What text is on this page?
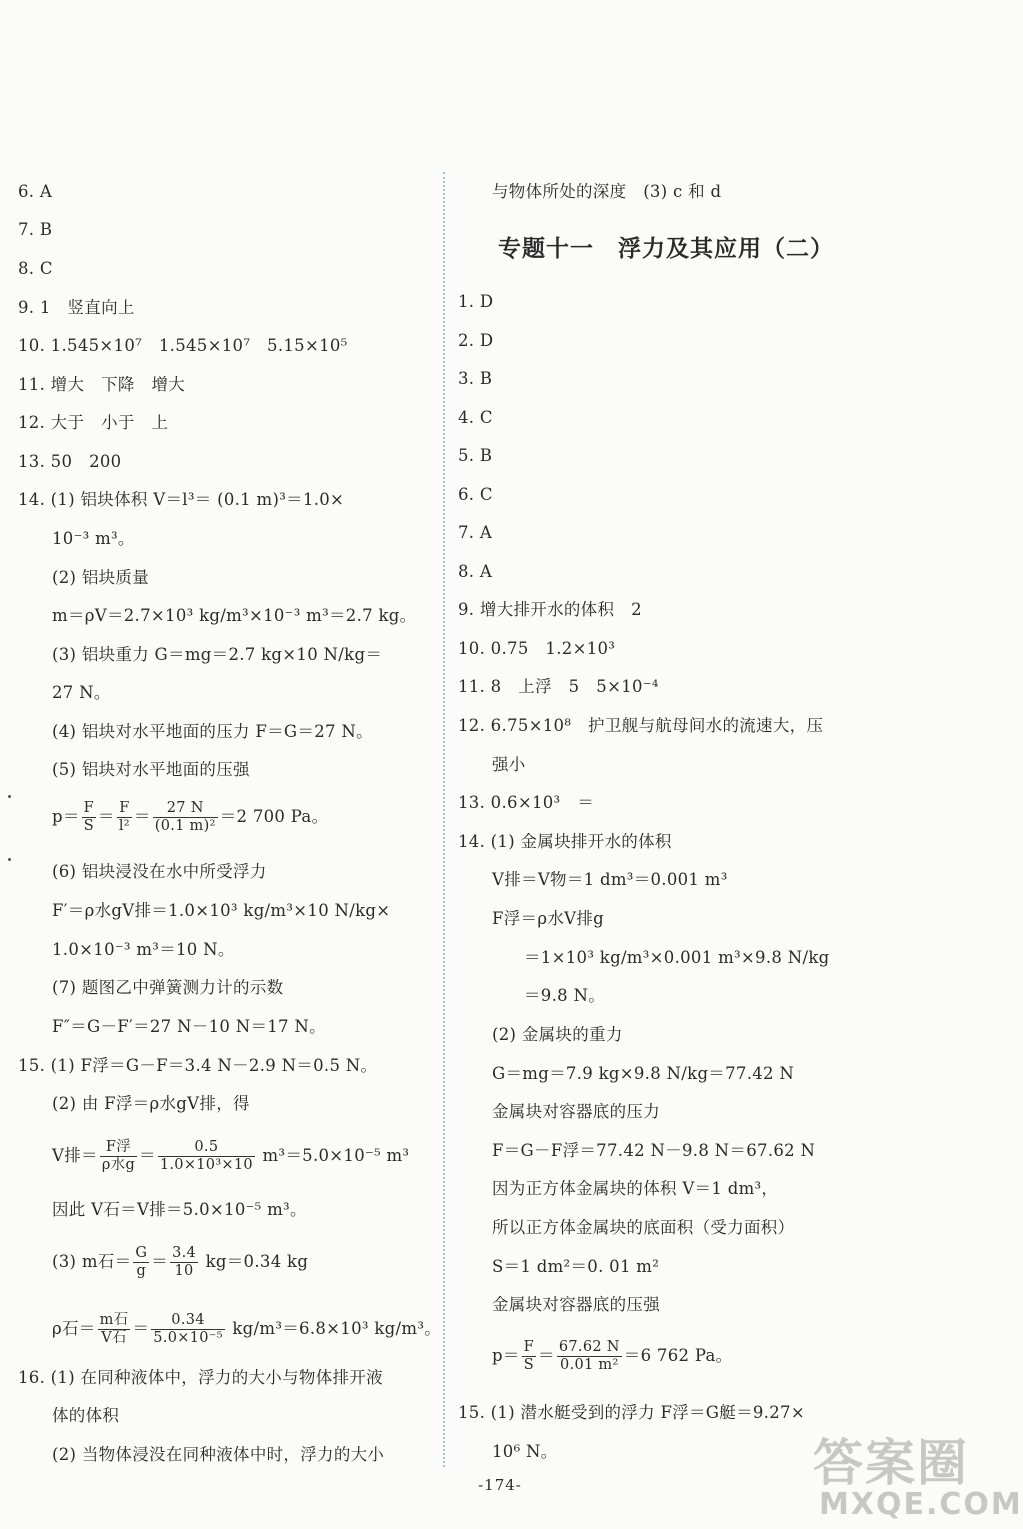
6. A
7. B
8. C
9. 1　竖直向上
10. 1.545×10⁷　1.545×10⁷　5.15×10⁵
11. 增大　下降　增大
12. 大于　小于　上
13. 50　200
14. (1) 铝块体积 V＝l³＝ (0.1 m)³＝1.0×
10⁻³ m³。
(2) 铝块质量
m＝ρV＝2.7×10³ kg/m³×10⁻³ m³＝2.7 kg。
(3) 铝块重力 G＝mg＝2.7 kg×10 N/kg＝
27 N。
(4) 铝块对水平地面的压力 F＝G＝27 N。
(5) 铝块对水平地面的压强
$p= \frac{F}{S} = \frac{F}{\text{l²}} = \frac{27 N}{\text{(0.1 m)²}} =2$ 700 Pa。
(6) 铝块浸没在水中所受浮力
F′＝ρ水gV排＝1.0×10³ kg/m³×10 N/kg×
1.0×10⁻³ m³＝10 N。
(7) 题图乙中弹簧测力计的示数
F″＝G－F′＝27 N－10 N＝17 N。
15. (1) F浮＝G－F＝3.4 N－2.9 N＝0.5 N。
(2) 由 F浮＝ρ水gV排，得
V排＝ $\frac{\text{F浮}}{\text{ρ水g}} = \frac{0.5}{\text{1.0×10³×10}} m^3=5.0\times 10^{-5}$ m³
因此 V石＝V排＝5.0×10⁻⁵ m³。
(3) m石＝ $\frac{G}{g} = \frac{3.4}{10} kg=0.34$ kg
ρ石＝ $\frac{\text{m石}}{\text{V石}} = \frac{0.34}{\text{5.0×10⁻⁵}} kg/m^3=6.8\times 10^3$ kg/m³。
16. (1) 在同种液体中，浮力的大小与物体排开液
体的体积
(2) 当物体浸没在同种液体中时，浮力的大小
与物体所处的深度　(3) c 和 d
专题十一　浮力及其应用（二）
1. D
2. D
3. B
4. C
5. B
6. C
7. A
8. A
9. 增大排开水的体积　2
10. 0.75　1.2×10³
11. 8　上浮　5　5×10⁻⁴
12. 6.75×10⁸　护卫舰与航母间水的流速大，压
强小
13. 0.6×10³　＝
14. (1) 金属块排开水的体积
V排＝V物＝1 dm³＝0.001 m³
F浮＝ρ水V排g
＝1×10³ kg/m³×0.001 m³×9.8 N/kg
＝9.8 N。
(2) 金属块的重力
G＝mg＝7.9 kg×9.8 N/kg＝77.42 N
金属块对容器底的压力
F＝G－F浮＝77.42 N－9.8 N＝67.62 N
因为正方体金属块的体积 V＝1 dm³，
所以正方体金属块的底面积（受力面积）
S＝1 dm²＝0. 01 m²
金属块对容器底的压强
$p= \frac{F}{S} = \frac{67.62 N}{\text{0.01 m²}} =6$ 762 Pa。
15. (1) 潜水艇受到的浮力 F浮＝G艇＝9.27×
10⁶ N。
-174-	答案圈
MXQE.COM
